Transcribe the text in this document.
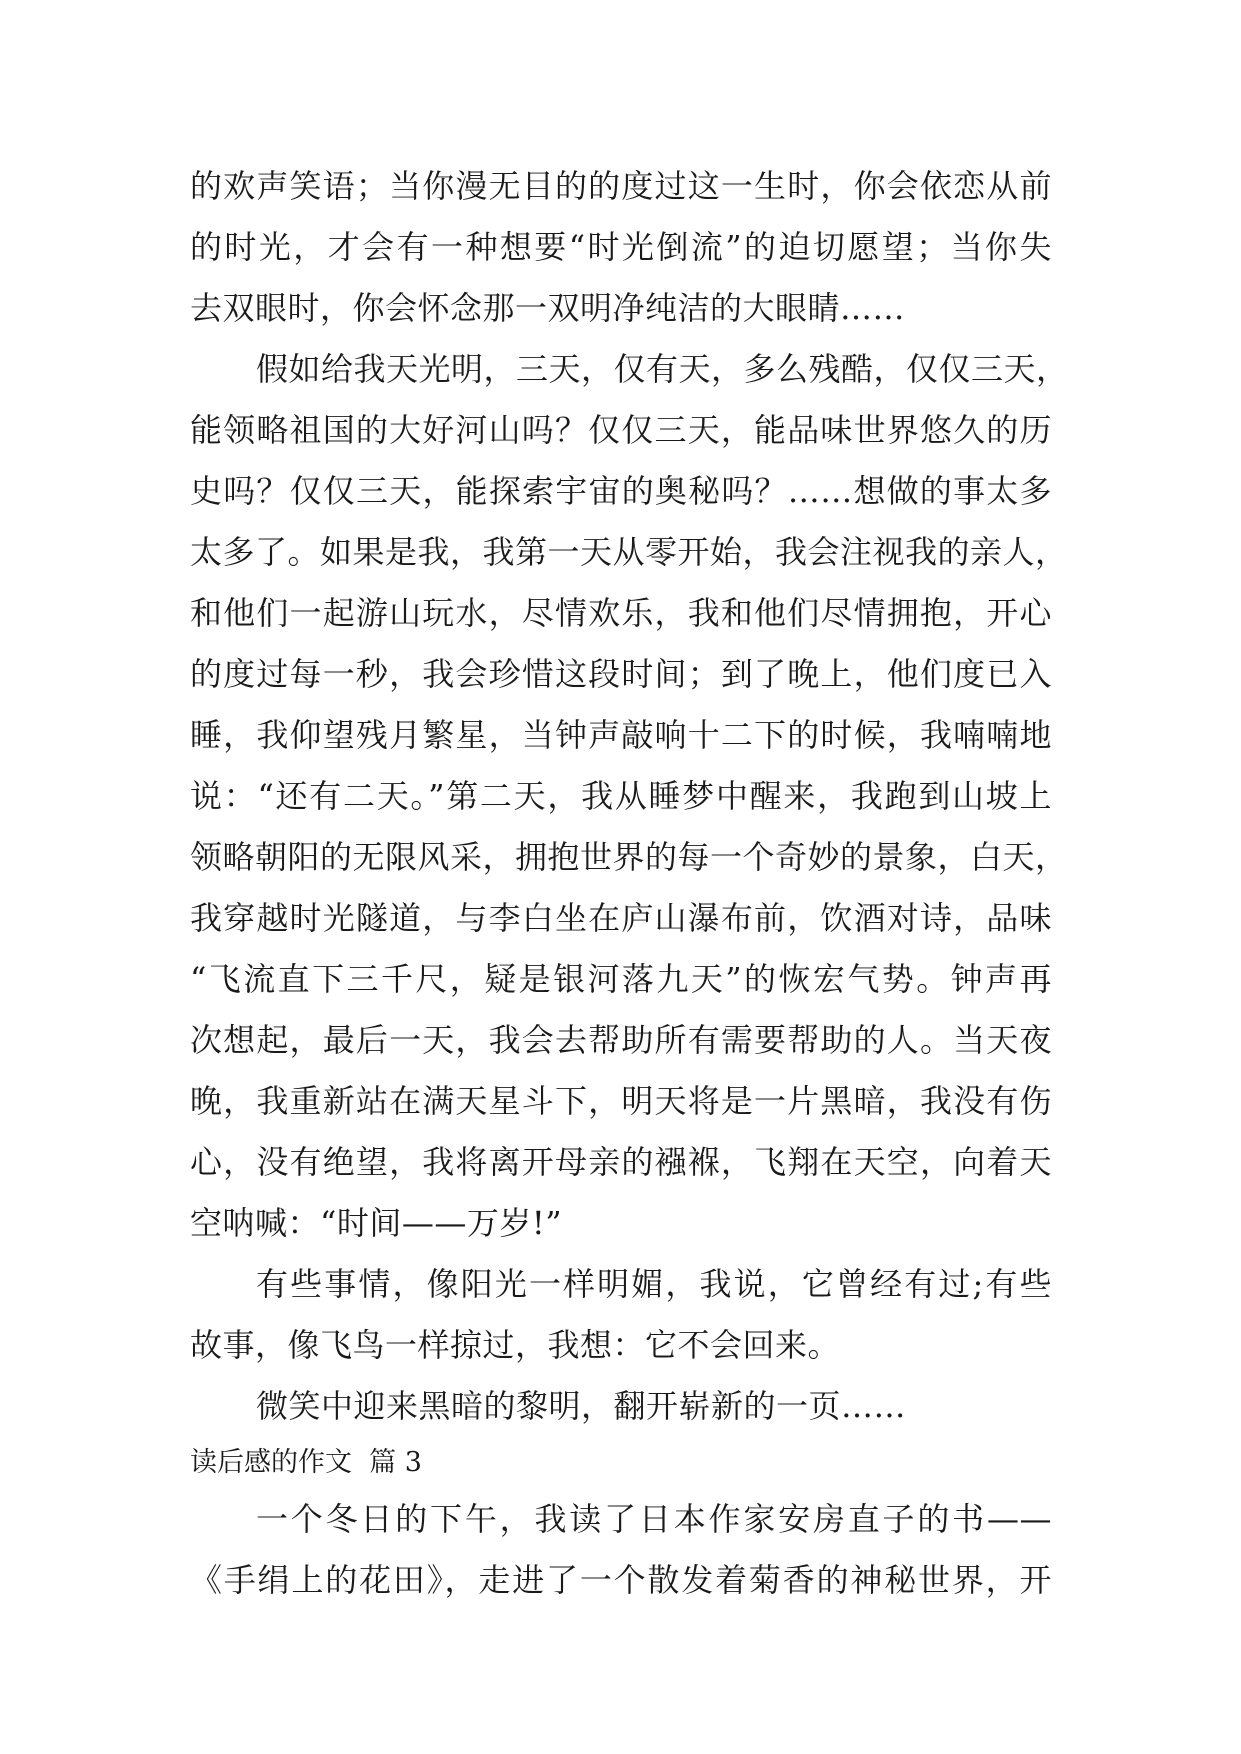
的欢声笑语；当你漫无目的的度过这一生时，你会依恋从前
的时光，才会有一种想要“时光倒流”的迫切愿望；当你失
去双眼时，你会怀念那一双明净纯洁的大眼睛……
假如给我天光明，三天，仅有天，多么残酷，仅仅三天，
能领略祖国的大好河山吗？仅仅三天，能品味世界悠久的历
史吗？仅仅三天，能探索宇宙的奥秘吗？……想做的事太多
太多了。如果是我，我第一天从零开始，我会注视我的亲人，
和他们一起游山玩水，尽情欢乐，我和他们尽情拥抱，开心
的度过每一秒，我会珍惜这段时间；到了晚上，他们度已入
睡，我仰望残月繁星，当钟声敲响十二下的时候，我喃喃地
说：“还有二天。”第二天，我从睡梦中醒来，我跑到山坡上
领略朝阳的无限风采，拥抱世界的每一个奇妙的景象，白天，
我穿越时光隧道，与李白坐在庐山瀑布前，饮酒对诗，品味
“飞流直下三千尺，疑是银河落九天”的恢宏气势。钟声再
次想起，最后一天，我会去帮助所有需要帮助的人。当天夜
晚，我重新站在满天星斗下，明天将是一片黑暗，我没有伤
心，没有绝望，我将离开母亲的襁褓，飞翔在天空，向着天
空呐喊：“时间——万岁!”
有些事情，像阳光一样明媚，我说，它曾经有过;有些
故事，像飞鸟一样掠过，我想：它不会回来。
微笑中迎来黑暗的黎明，翻开崭新的一页……
读后感的作文  篇 3
一个冬日的下午，我读了日本作家安房直子的书——
《手绢上的花田》，走进了一个散发着菊香的神秘世界，开
